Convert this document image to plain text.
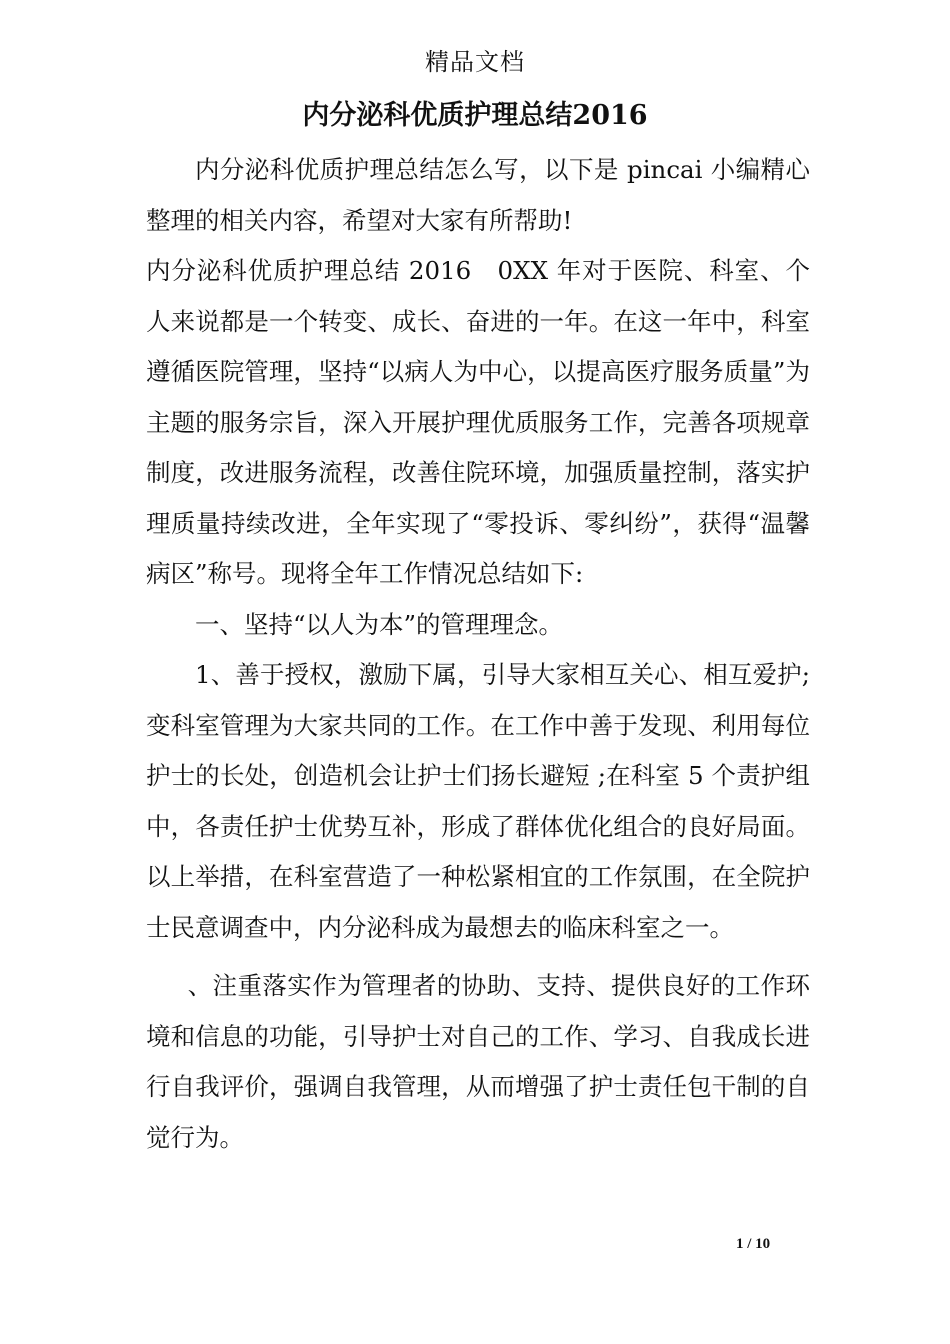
精品文档
内分泌科优质护理总结2016

内分泌科优质护理总结怎么写，以下是 pincai 小编精心整理的相关内容，希望对大家有所帮助!

内分泌科优质护理总结 2016　0XX 年对于医院、科室、个人来说都是一个转变、成长、奋进的一年。在这一年中，科室遵循医院管理，坚持“以病人为中心，以提高医疗服务质量”为主题的服务宗旨，深入开展护理优质服务工作，完善各项规章制度，改进服务流程，改善住院环境，加强质量控制，落实护理质量持续改进，全年实现了“零投诉、零纠纷”，获得“温馨病区”称号。现将全年工作情况总结如下:

一、坚持“以人为本”的管理理念。

1、善于授权，激励下属，引导大家相互关心、相互爱护;变科室管理为大家共同的工作。在工作中善于发现、利用每位护士的长处，创造机会让护士们扬长避短 ;在科室 5 个责护组中，各责任护士优势互补，形成了群体优化组合的良好局面。以上举措，在科室营造了一种松紧相宜的工作氛围，在全院护士民意调查中，内分泌科成为最想去的临床科室之一。

、注重落实作为管理者的协助、支持、提供良好的工作环境和信息的功能，引导护士对自己的工作、学习、自我成长进行自我评价，强调自我管理，从而增强了护士责任包干制的自觉行为。

1 / 10
